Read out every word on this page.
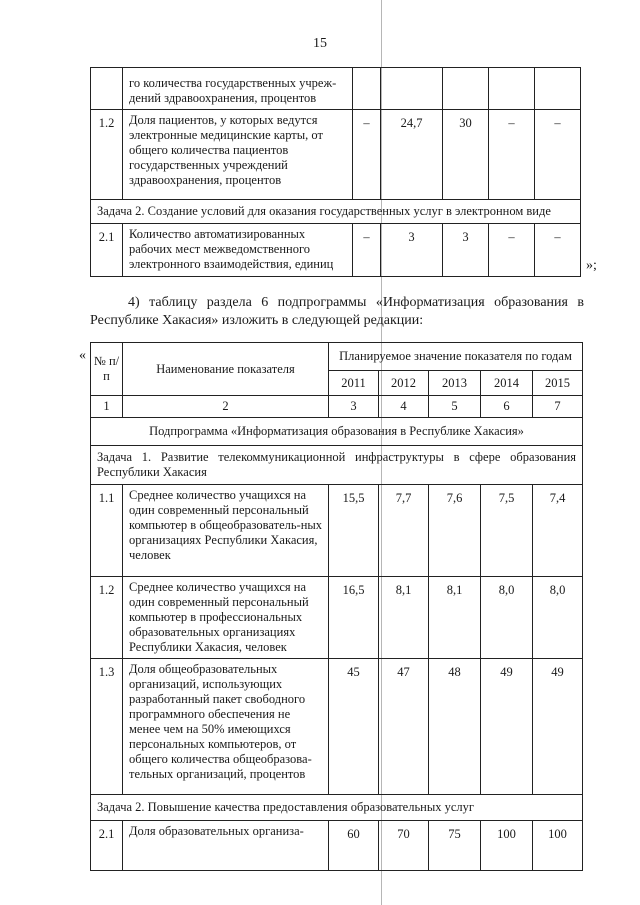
15
	го количества государственных учреж-дений здравоохранения, процентов					
1.2	Доля пациентов, у которых ведутся электронные медицинские карты, от общего количества пациентов государственных учреждений здравоохранения, процентов	–	24,7	30	–	–
Задача 2. Создание условий для оказания государственных услуг в электронном виде						
2.1	Количество автоматизированных рабочих мест межведомственного электронного взаимодействия, единиц	–	3	3	–	–
»;
4) таблицу раздела 6 подпрограммы «Информатизация образования в
Республике Хакасия» изложить в следующей редакции:
« № п/п	Наименование показателя	Планируемое значение показателя по годам				
		2011	2012	2013	2014	2015
1	2	3	4	5	6	7
Подпрограмма «Информатизация образования в Республике Хакасия»						
Задача 1. Развитие телекоммуникационной инфраструктуры в сфере образования Республики Хакасия						
1.1	Среднее количество учащихся на один современный персональный компьютер в общеобразователь-ных организациях Республики Хакасия, человек	15,5	7,7	7,6	7,5	7,4
1.2	Среднее количество учащихся на один современный персональный компьютер в профессиональных образовательных организациях Республики Хакасия, человек	16,5	8,1	8,1	8,0	8,0
1.3	Доля общеобразовательных организаций, использующих разработанный пакет свободного программного обеспечения не менее чем на 50% имеющихся персональных компьютеров, от общего количества общеобразова-тельных организаций, процентов	45	47	48	49	49
Задача 2. Повышение качества предоставления образовательных услуг						
2.1	Доля образовательных организа-	60	70	75	100	100
